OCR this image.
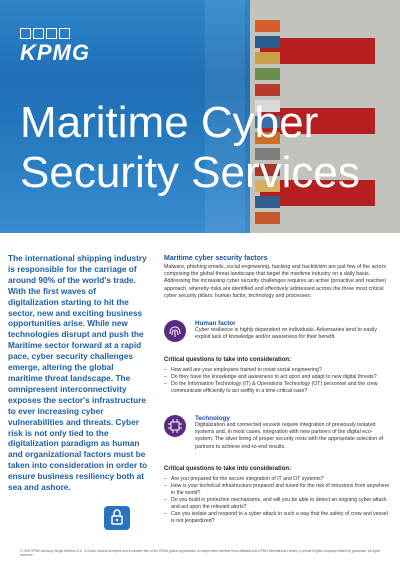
KPMG
Maritime Cyber
Security Services

The international shipping industry is responsible for the carriage of around 90% of the world's trade. With the first waves of digitalization starting to hit the sector, new and exciting business opportunities arise. While new technologies disrupt and push the Maritime sector forward at a rapid pace, cyber security challenges emerge, altering the global maritime threat landscape. The omnipresent interconnectivity exposes the sector's infrastructure to ever increasing cyber vulnerabilities and threats. Cyber risk is not only tied to the digitalization paradigm as human and organizational factors must be taken into consideration in order to ensure business resiliency both at sea and ashore.

Maritime cyber security factors

Malware, phishing emails, social engineering, hacking and hacktivism are just few of the actors comprising the global threat landscape that target the maritime industry on a daily basis. Addressing the increasing cyber security challenges requires an active (proactive and reactive) approach, whereby risks are identified and effectively addressed across the three most critical cyber security pillars: human factor, technology and processes.

Human factor

Cyber resilience is highly dependent on individuals. Adversaries tend to easily exploit lack of knowledge and/or awareness for their benefit.

Critical questions to take into consideration:
– How well are your employees trained to resist social engineering?
– Do they have the knowledge and awareness to act upon and adapt to new digital threats?
– Do the Information Technology (IT) & Operations Technology (OT) personnel and the crew communicate efficiently to act swiftly in a time-critical case?
Technology

Digitalization and connected vessels require integration of previously isolated systems and, in most cases, integration with new partners of the digital eco-system. The silver lining of proper security rests with the appropriate selection of partners to achieve end-to-end results.

Critical questions to take into consideration:
– Are you prepared for the secure integration of IT and OT systems?
– How is your technical infrastructure prepared and tuned for the risk of intrusions from anywhere in the world?
– Do you build in protection mechanisms, and will you be able to detect an ongoing cyber-attack and act upon the relevant alerts?
– Can you isolate and respond to a cyber attack in such a way that the safety of crew and vessel is not jeopardized?

© 2020 KPMG Advisory Single Member S.A., a Greek Societe Anonyme and a member firm of the KPMG global organization of independent member firms affiliated with KPMG International Limited, a private English company limited by guarantee. All rights reserved.
